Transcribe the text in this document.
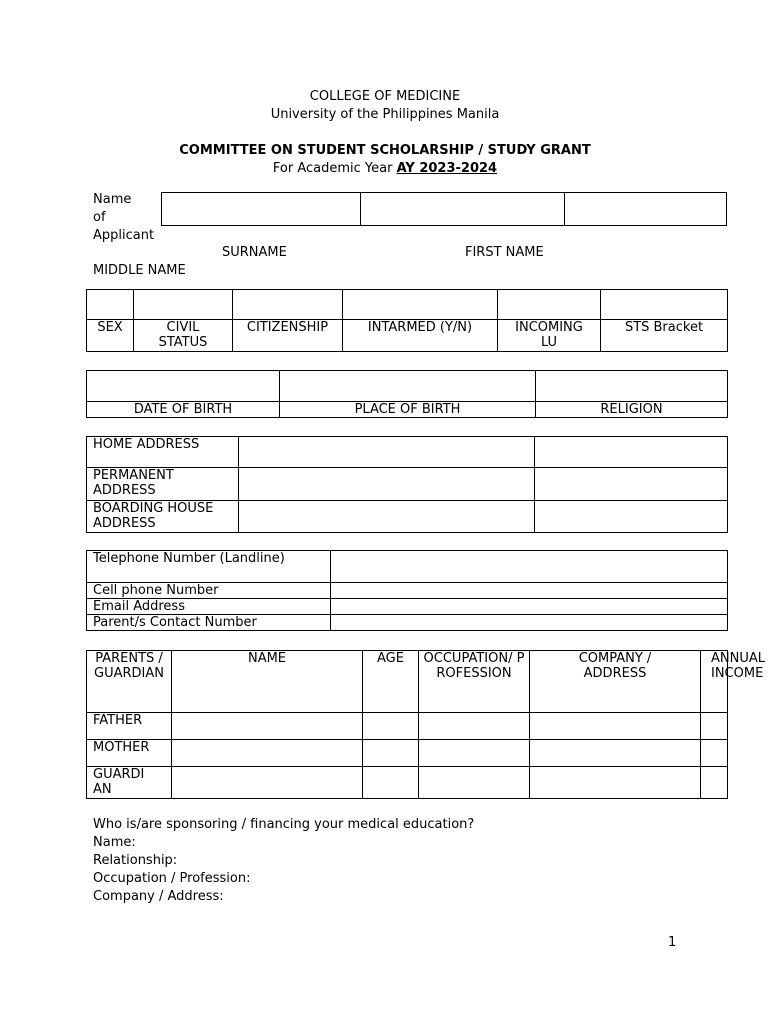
COLLEGE OF MEDICINE
University of the Philippines Manila
COMMITTEE ON STUDENT SCHOLARSHIP / STUDY GRANT
For Academic Year AY 2023-2024
Name
of
Applicant

SURNAME	FIRST NAME
MIDDLE NAME

SEX	CIVIL STATUS	CITIZENSHIP	INTARMED (Y/N)	INCOMING LU	STS Bracket

DATE OF BIRTH	PLACE OF BIRTH	RELIGION
HOME ADDRESS		
PERMANENT ADDRESS		
BOARDING HOUSE ADDRESS		
Telephone Number (Landline)	
Cell phone Number	
Email Address	
Parent/s Contact Number	
PARENTS / GUARDIAN	NAME	AGE	OCCUPATION/ PROFESSION	COMPANY / ADDRESS	ANNUAL INCOME
FATHER					
MOTHER					
GUARDIAN					
Who is/are sponsoring / financing your medical education?
Name:
Relationship:
Occupation / Profession:
Company / Address:
1
